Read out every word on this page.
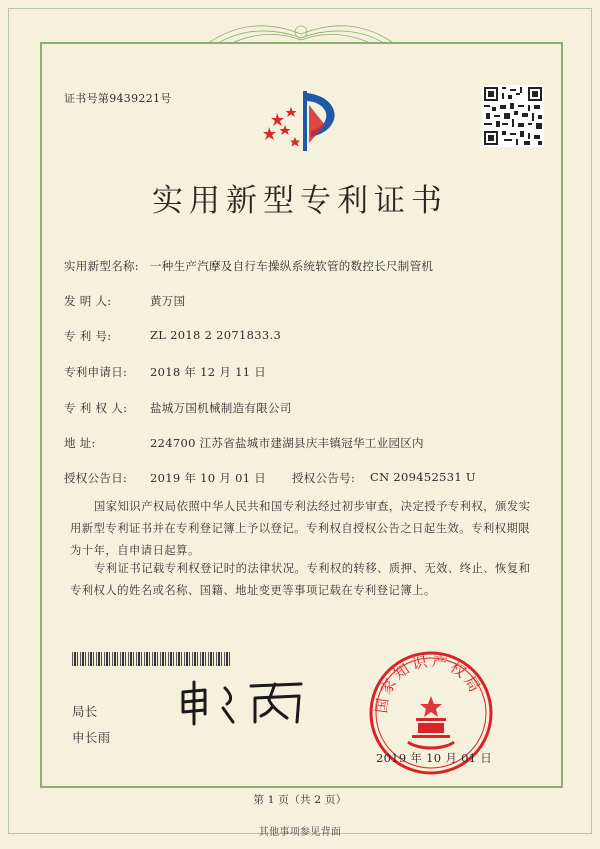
证书号第9439221号
实用新型专利证书
实用新型名称: 一种生产汽摩及自行车操纵系统软管的数控长尺制管机
发 明 人:	黄万国
专 利 号:	ZL 2018 2 2071833.3
专利申请日: 2018 年 12 月 11 日
专 利 权 人: 盐城万国机械制造有限公司
地 址:	224700 江苏省盐城市建湖县庆丰镇冠华工业园区内
授权公告日: 2019 年 10 月 01 日 授权公告号: CN 209452531 U
国家知识产权局依照中华人民共和国专利法经过初步审查，决定授予专利权，颁发实用新型专利证书并在专利登记簿上予以登记。专利权自授权公告之日起生效。专利权期限为十年，自申请日起算。
专利证书记载专利权登记时的法律状况。专利权的转移、质押、无效、终止、恢复和专利权人的姓名或名称、国籍、地址变更等事项记载在专利登记簿上。
局长
申长雨
国家知识产权局
2019 年 10 月 01 日
第 1 页（共 2 页）
其他事项参见背面
